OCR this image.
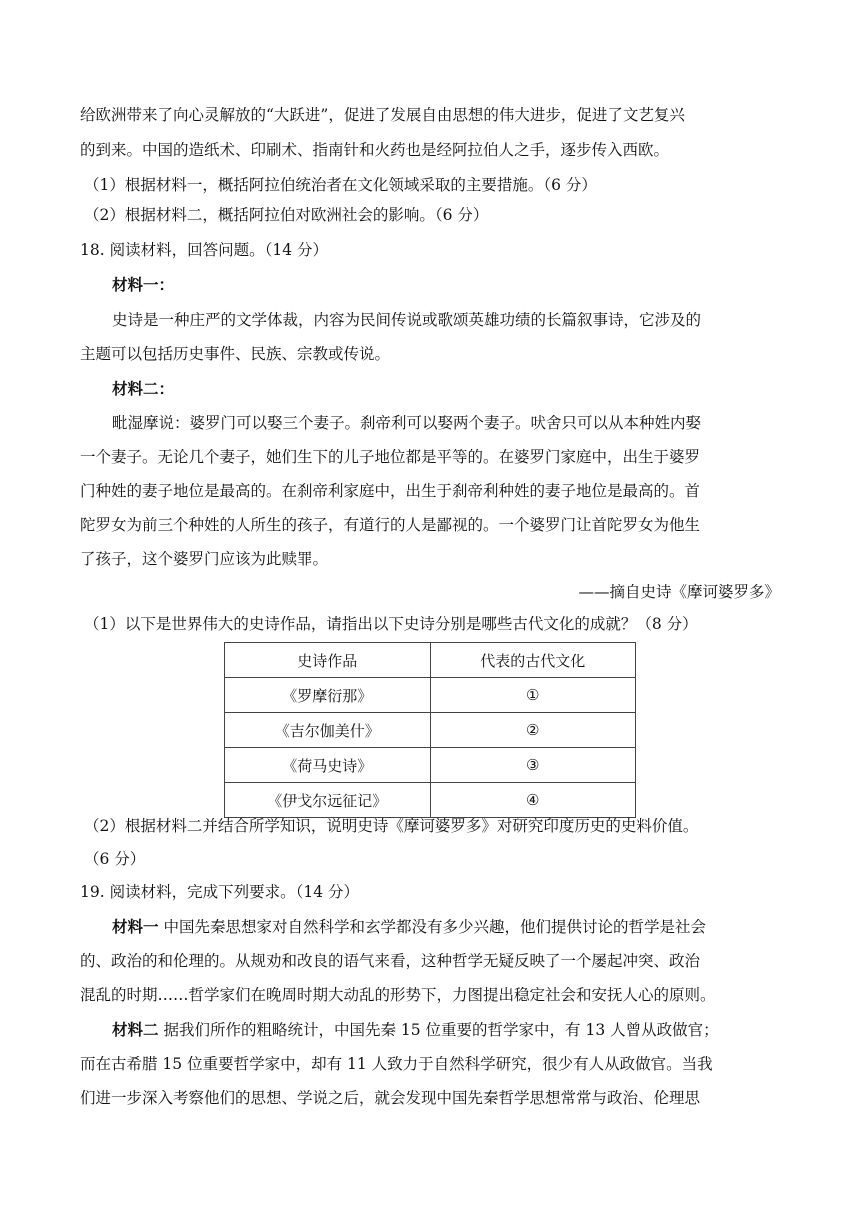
给欧洲带来了向心灵解放的“大跃进”，促进了发展自由思想的伟大进步，促进了文艺复兴
的到来。中国的造纸术、印刷术、指南针和火药也是经阿拉伯人之手，逐步传入西欧。
（1）根据材料一，概括阿拉伯统治者在文化领域采取的主要措施。（6 分）
（2）根据材料二，概括阿拉伯对欧洲社会的影响。（6 分）
18. 阅读材料，回答问题。（14 分）
材料一：
史诗是一种庄严的文学体裁，内容为民间传说或歌颂英雄功绩的长篇叙事诗，它涉及的
主题可以包括历史事件、民族、宗教或传说。
材料二：
毗湿摩说：婆罗门可以娶三个妻子。刹帝利可以娶两个妻子。吠舍只可以从本种姓内娶
一个妻子。无论几个妻子，她们生下的儿子地位都是平等的。在婆罗门家庭中，出生于婆罗
门种姓的妻子地位是最高的。在刹帝利家庭中，出生于刹帝利种姓的妻子地位是最高的。首
陀罗女为前三个种姓的人所生的孩子，有道行的人是鄙视的。一个婆罗门让首陀罗女为他生
了孩子，这个婆罗门应该为此赎罪。
——摘自史诗《摩诃婆罗多》
（1）以下是世界伟大的史诗作品，请指出以下史诗分别是哪些古代文化的成就？（8 分）
史诗作品	代表的古代文化
《罗摩衍那》	①
《吉尔伽美什》	②
《荷马史诗》	③
《伊戈尔远征记》	④
（2）根据材料二并结合所学知识，说明史诗《摩诃婆罗多》对研究印度历史的史料价值。
（6 分）
19. 阅读材料，完成下列要求。（14 分）
材料一 中国先秦思想家对自然科学和玄学都没有多少兴趣，他们提供讨论的哲学是社会
的、政治的和伦理的。从规劝和改良的语气来看，这种哲学无疑反映了一个屡起冲突、政治
混乱的时期……哲学家们在晚周时期大动乱的形势下，力图提出稳定社会和安抚人心的原则。
材料二 据我们所作的粗略统计，中国先秦 15 位重要的哲学家中，有 13 人曾从政做官；
而在古希腊 15 位重要哲学家中，却有 11 人致力于自然科学研究，很少有人从政做官。当我
们进一步深入考察他们的思想、学说之后，就会发现中国先秦哲学思想常常与政治、伦理思
